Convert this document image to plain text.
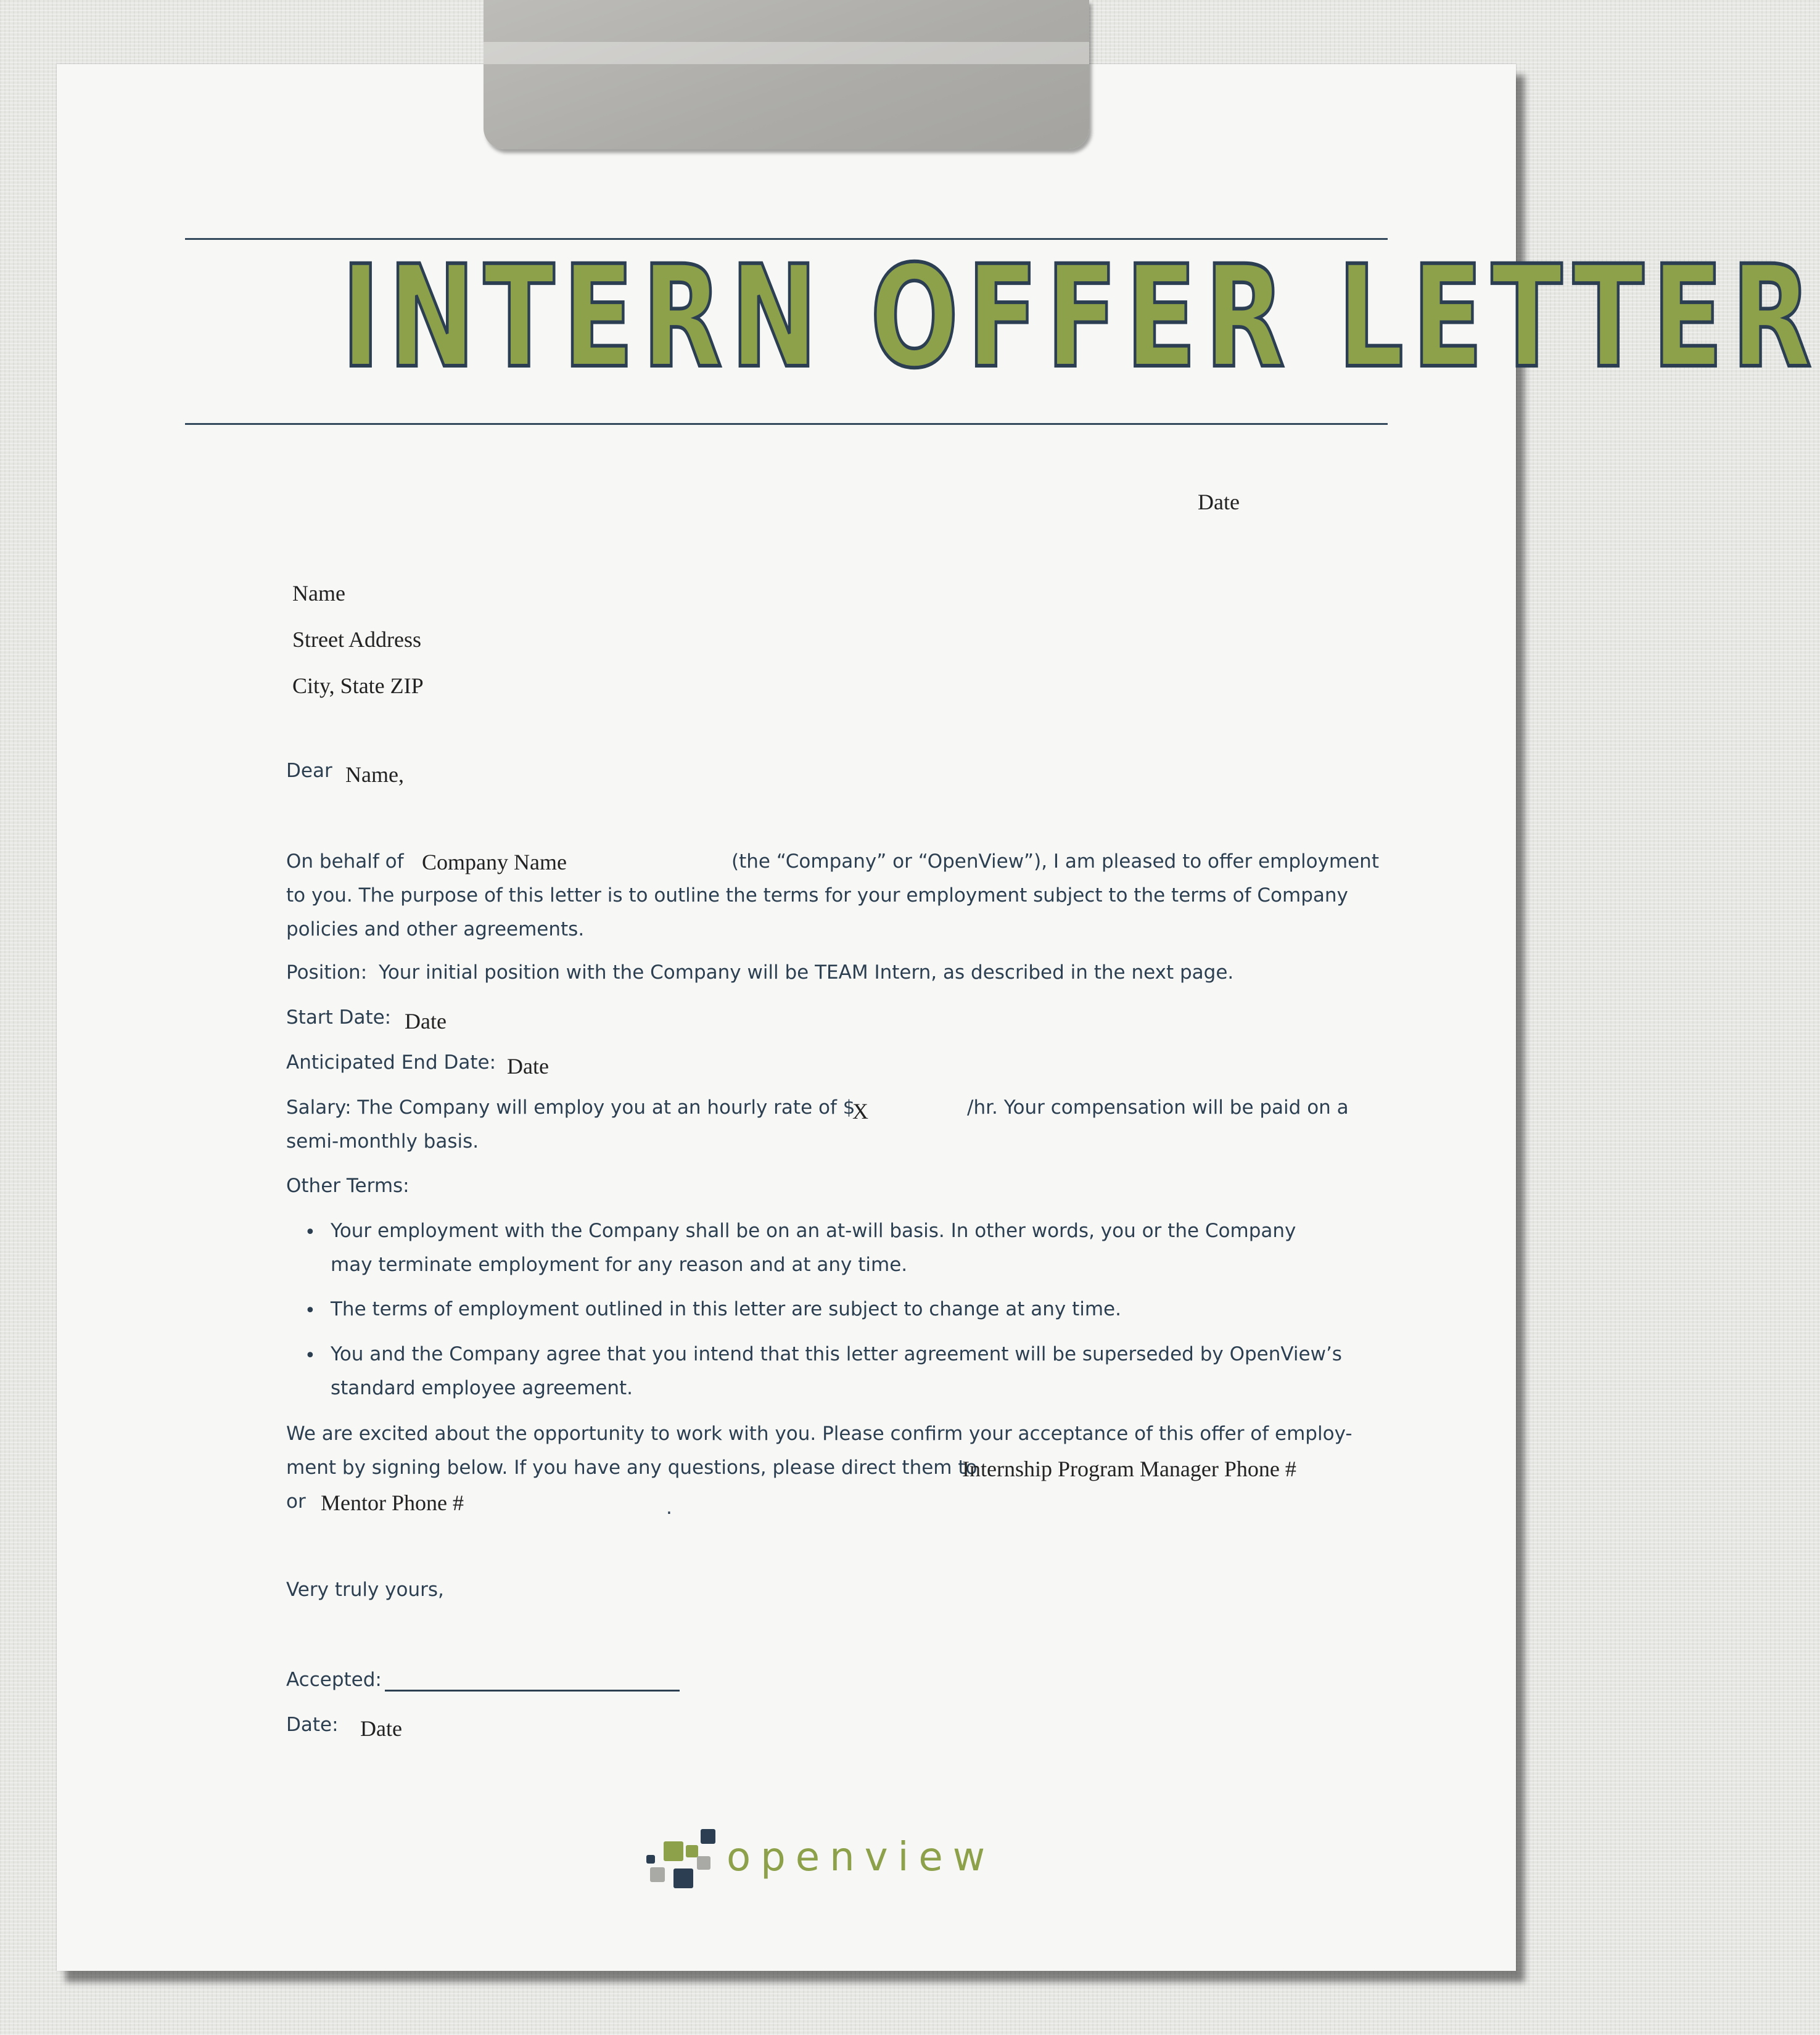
INTERN OFFER LETTER
Date
Name
Street Address
City, State ZIP
Dear Name,
On behalf of Company Name	(the “Company” or “OpenView”), I am pleased to offer employment
to you. The purpose of this letter is to outline the terms for your employment subject to the terms of Company
policies and other agreements.
Position: Your initial position with the Company will be TEAM Intern, as described in the next page.
Start Date: Date
Anticipated End Date: Date
Salary: The Company will employ you at an hourly rate of $
X	/hr. Your compensation will be paid on a
semi-monthly basis.
Other Terms:
• Your employment with the Company shall be on an at-will basis. In other words, you or the Company may terminate employment for any reason and at any time.
• The terms of employment outlined in this letter are subject to change at any time.
• You and the Company agree that you intend that this letter agreement will be superseded by OpenView’s standard employee agreement.
We are excited about the opportunity to work with you. Please confirm your acceptance of this offer of employ-
ment by signing below. If you have any questions, please direct them to
Internship Program Manager Phone #
or Mentor Phone #	.
Very truly yours,
Accepted:
Date: Date
openview
